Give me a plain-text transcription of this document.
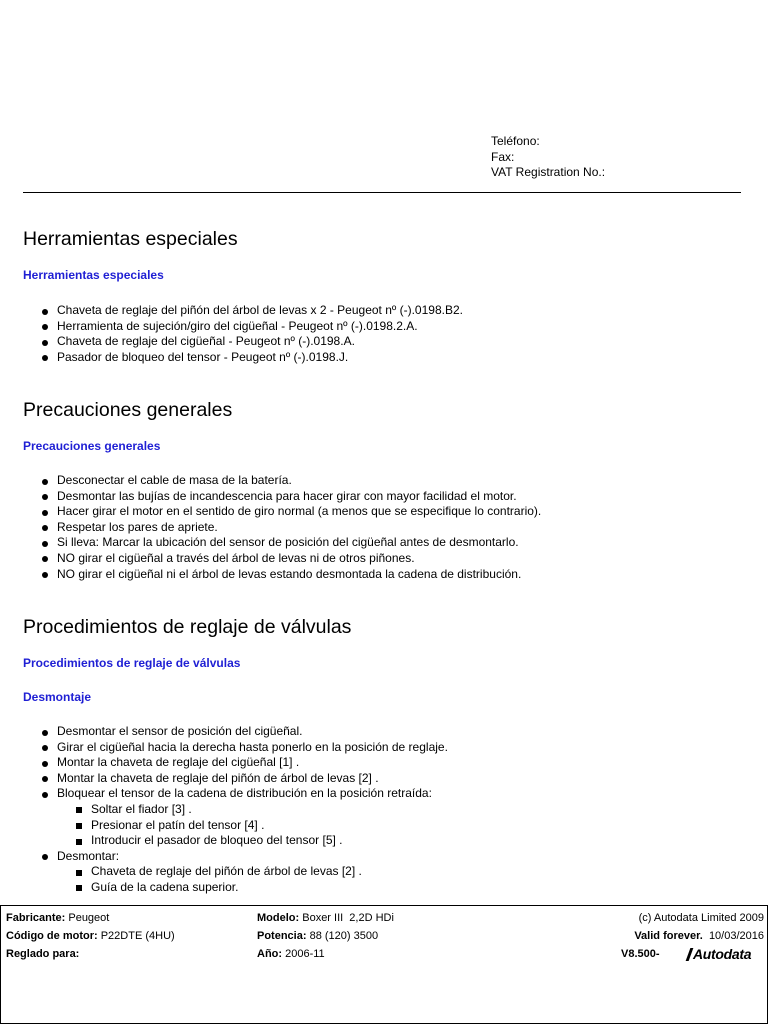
Teléfono:
Fax:
VAT Registration No.:
Herramientas especiales
Herramientas especiales
Chaveta de reglaje del piñón del árbol de levas x 2 - Peugeot nº (-).0198.B2.
Herramienta de sujeción/giro del cigüeñal - Peugeot nº (-).0198.2.A.
Chaveta de reglaje del cigüeñal - Peugeot nº (-).0198.A.
Pasador de bloqueo del tensor - Peugeot nº (-).0198.J.
Precauciones generales
Precauciones generales
Desconectar el cable de masa de la batería.
Desmontar las bujías de incandescencia para hacer girar con mayor facilidad el motor.
Hacer girar el motor en el sentido de giro normal (a menos que se especifique lo contrario).
Respetar los pares de apriete.
Si lleva: Marcar la ubicación del sensor de posición del cigüeñal antes de desmontarlo.
NO girar el cigüeñal a través del árbol de levas ni de otros piñones.
NO girar el cigüeñal ni el árbol de levas estando desmontada la cadena de distribución.
Procedimientos de reglaje de válvulas
Procedimientos de reglaje de válvulas
Desmontaje
Desmontar el sensor de posición del cigüeñal.
Girar el cigüeñal hacia la derecha hasta ponerlo en la posición de reglaje.
Montar la chaveta de reglaje del cigüeñal [1] .
Montar la chaveta de reglaje del piñón de árbol de levas [2] .
Bloquear el tensor de la cadena de distribución en la posición retraída:
Soltar el fiador [3] .
Presionar el patín del tensor [4] .
Introducir el pasador de bloqueo del tensor [5] .
Desmontar:
Chaveta de reglaje del piñón de árbol de levas [2] .
Guía de la cadena superior.
Fabricante: Peugeot
Código de motor: P22DTE (4HU)
Reglado para:
Modelo: Boxer III  2,2D HDi
Potencia: 88 (120) 3500
Año: 2006-11
(c) Autodata Limited 2009
Valid forever. 10/03/2016
V8.500-	Autodata
